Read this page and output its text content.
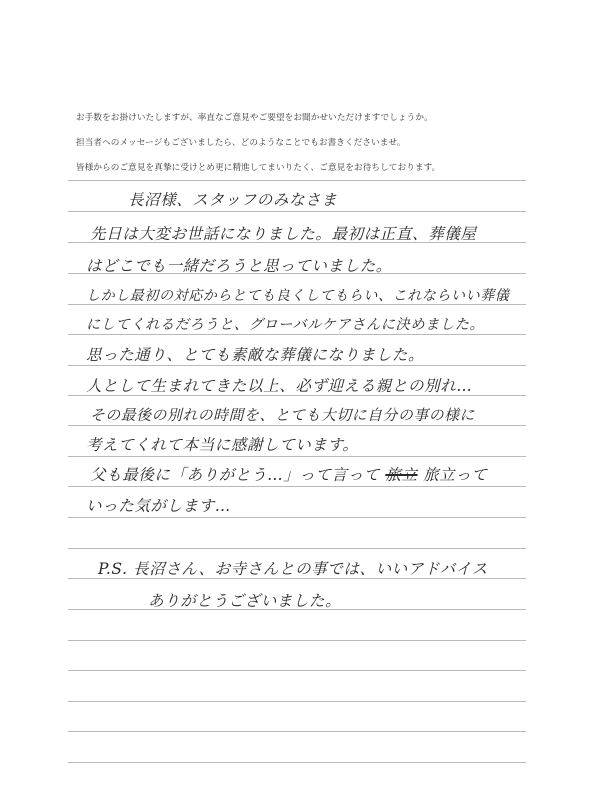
お手数をお掛けいたしますが、率直なご意見やご要望をお聞かせいただけますでしょうか。
担当者へのメッセージもございましたら、どのようなことでもお書きくださいませ。
皆様からのご意見を真摯に受けとめ更に精進してまいりたく、ご意見をお待ちしております。
長沼様、スタッフのみなさま
先日は大変お世話になりました。最初は正直、葬儀屋
はどこでも一緒だろうと思っていました。
しかし最初の対応からとても良くしてもらい、これならいい葬儀
にしてくれるだろうと、グローバルケアさんに決めました。
思った通り、とても素敵な葬儀になりました。
人として生まれてきた以上、必ず迎える親との別れ…
その最後の別れの時間を、とても大切に自分の事の様に
考えてくれて本当に感謝しています。
父も最後に「ありがとう…」って言って 旅立 旅立って
いった気がします…
P.S. 長沼さん、お寺さんとの事では、いいアドバイス
ありがとうございました。
